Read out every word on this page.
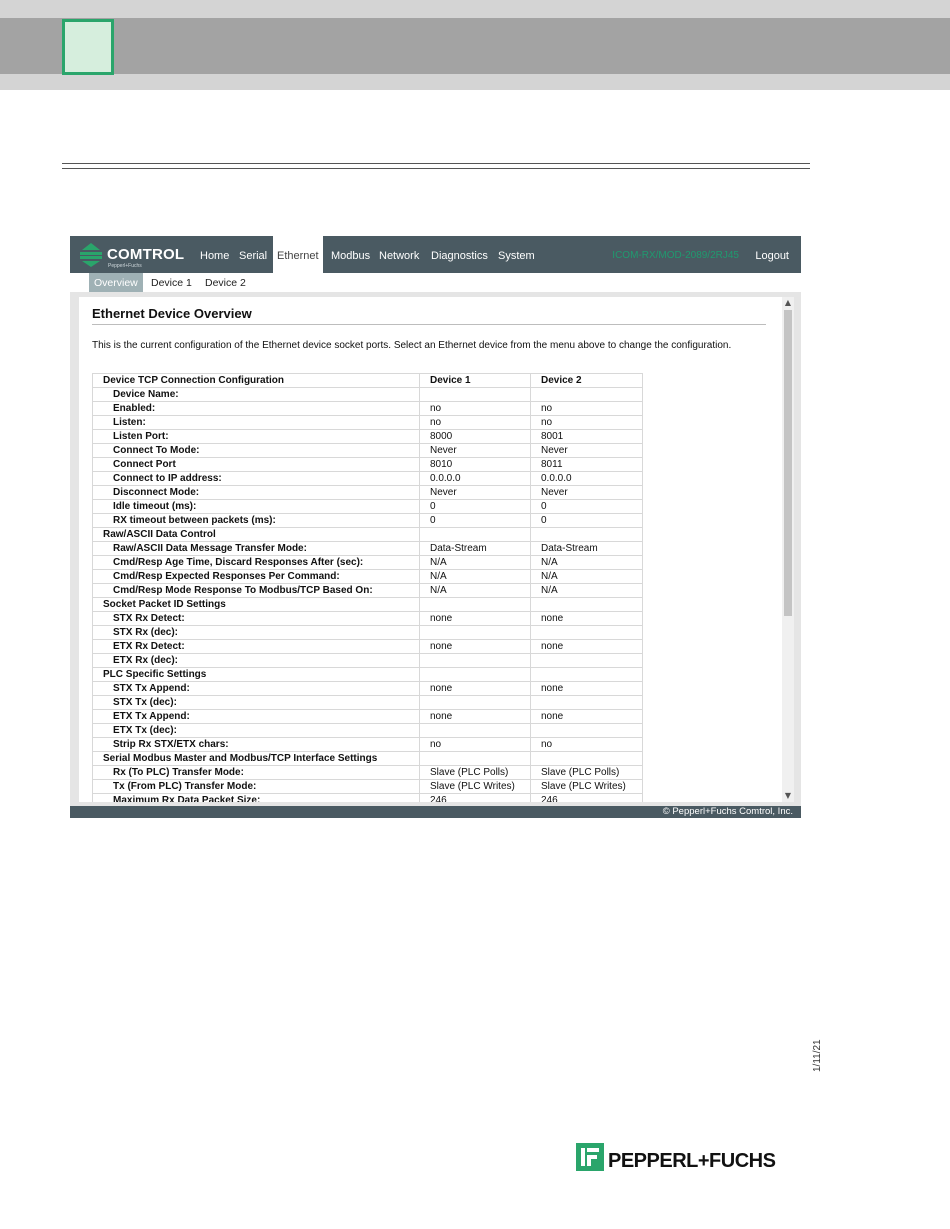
COMTROL
Pepperl+Fuchs
Home Serial Ethernet	Modbus Network Diagnostics System	ICOM-RX/MOD-2089/2RJ45 Logout
Overview	Device 1 Device 2
Ethernet Device Overview
This is the current configuration of the Ethernet device socket ports. Select an Ethernet device from the menu above to change the configuration.
Device TCP Connection Configuration	Device 1	Device 2
Device Name:		
Enabled:	no	no
Listen:	no	no
Listen Port:	8000	8001
Connect To Mode:	Never	Never
Connect Port	8010	8011
Connect to IP address:	0.0.0.0	0.0.0.0
Disconnect Mode:	Never	Never
Idle timeout (ms):	0	0
RX timeout between packets (ms):	0	0
Raw/ASCII Data Control		
Raw/ASCII Data Message Transfer Mode:	Data-Stream	Data-Stream
Cmd/Resp Age Time, Discard Responses After (sec):	N/A	N/A
Cmd/Resp Expected Responses Per Command:	N/A	N/A
Cmd/Resp Mode Response To Modbus/TCP Based On:	N/A	N/A
Socket Packet ID Settings		
STX Rx Detect:	none	none
STX Rx (dec):		
ETX Rx Detect:	none	none
ETX Rx (dec):		
PLC Specific Settings		
STX Tx Append:	none	none
STX Tx (dec):		
ETX Tx Append:	none	none
ETX Tx (dec):		
Strip Rx STX/ETX chars:	no	no
Serial Modbus Master and Modbus/TCP Interface Settings		
Rx (To PLC) Transfer Mode:	Slave (PLC Polls)	Slave (PLC Polls)
Tx (From PLC) Transfer Mode:	Slave (PLC Writes)	Slave (PLC Writes)
Maximum Rx Data Packet Size:	246	246
▲
▼
© Pepperl+Fuchs Comtrol, Inc.
1/11/21
PEPPERL+FUCHS
